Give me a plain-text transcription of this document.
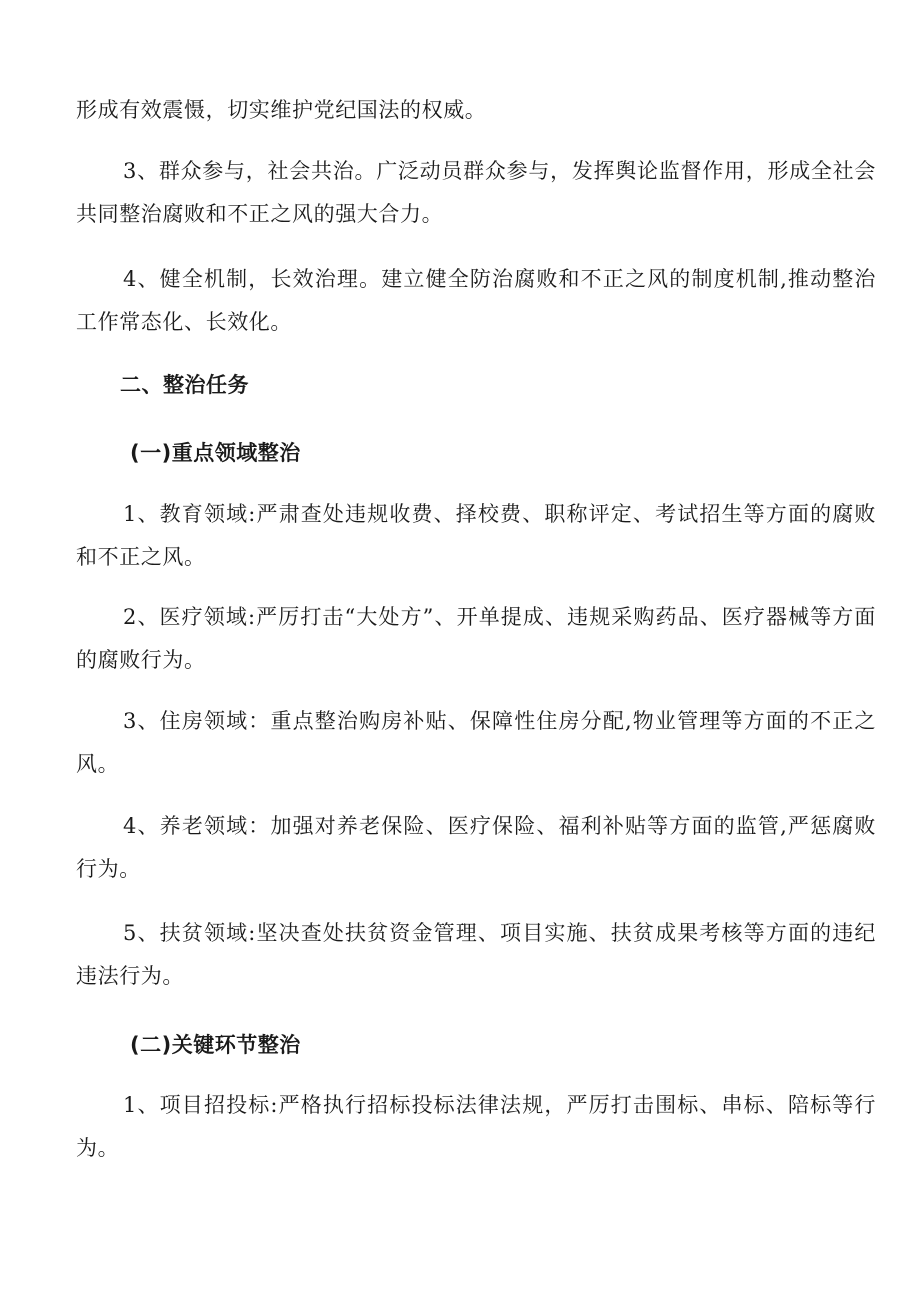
形成有效震慑，切实维护党纪国法的权威。

3、群众参与，社会共治。广泛动员群众参与，发挥舆论监督作用，形成全社会共同整治腐败和不正之风的强大合力。

4、健全机制，长效治理。建立健全防治腐败和不正之风的制度机制,推动整治工作常态化、长效化。

二、整治任务
(一)重点领域整治

1、教育领域:严肃查处违规收费、择校费、职称评定、考试招生等方面的腐败和不正之风。

2、医疗领域:严厉打击“大处方”、开单提成、违规采购药品、医疗器械等方面的腐败行为。

3、住房领域：重点整治购房补贴、保障性住房分配,物业管理等方面的不正之风。

4、养老领域：加强对养老保险、医疗保险、福利补贴等方面的监管,严惩腐败行为。

5、扶贫领域:坚决查处扶贫资金管理、项目实施、扶贫成果考核等方面的违纪违法行为。

(二)关键环节整治

1、项目招投标:严格执行招标投标法律法规，严厉打击围标、串标、陪标等行为。
